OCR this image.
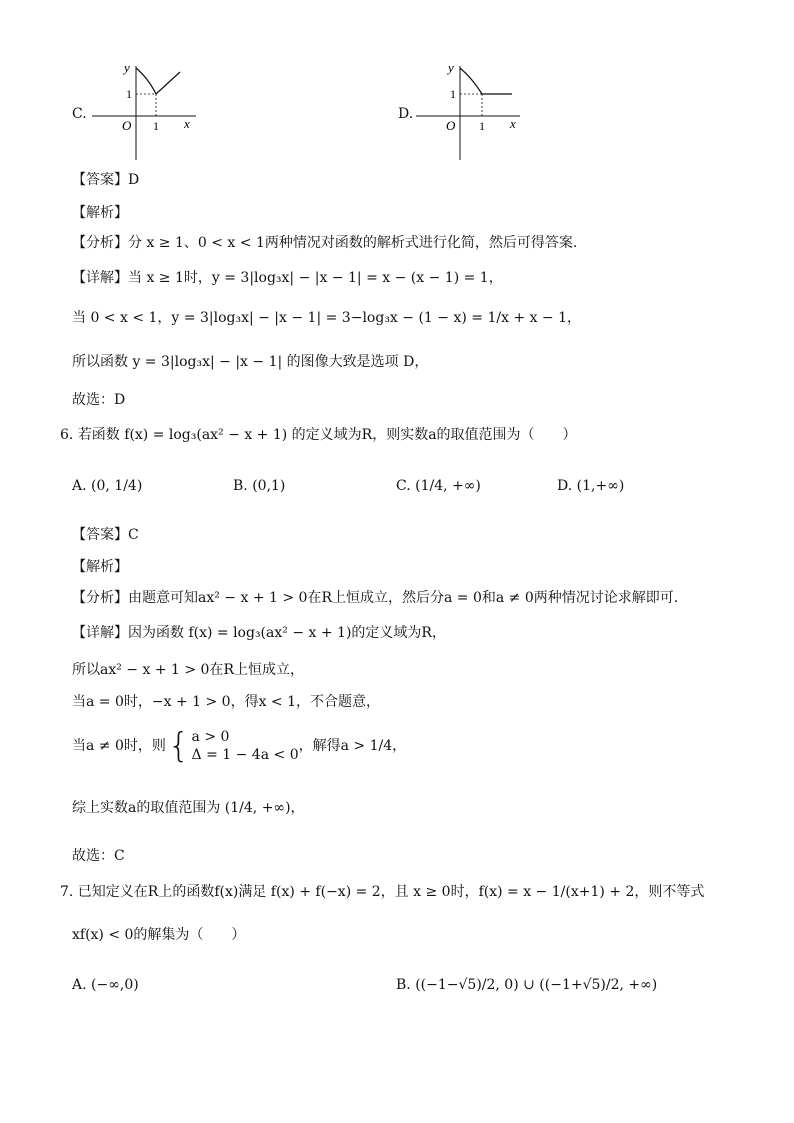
C.
y
x
O 1
1
D.
y
x
O 1
1
【答案】D
【解析】
【分析】分 x ≥ 1、0 < x < 1两种情况对函数的解析式进行化简，然后可得答案.
【详解】当 x ≥ 1时，y = 3|log₃x| − |x − 1| = x − (x − 1) = 1，
当 0 < x < 1，y = 3|log₃x| − |x − 1| = 3−log₃x − (1 − x) = 1/x + x − 1，
所以函数 y = 3|log₃x| − |x − 1| 的图像大致是选项 D，
故选：D
6. 若函数 f(x) = log₃(ax² − x + 1) 的定义域为R，则实数a的取值范围为（　　）
A. (0, 1/4)	B. (0,1)	C. (1/4, +∞)	D. (1,+∞)
【答案】C
【解析】
【分析】由题意可知ax² − x + 1 > 0在R上恒成立，然后分a = 0和a ≠ 0两种情况讨论求解即可.
【详解】因为函数 f(x) = log₃(ax² − x + 1)的定义域为R，
所以ax² − x + 1 > 0在R上恒成立，
当a = 0时，−x + 1 > 0，得x < 1，不合题意，
当a ≠ 0时，则 { a > 0
Δ = 1 − 4a < 0
，解得a > 1/4，
综上实数a的取值范围为 (1/4, +∞)，
故选：C
7. 已知定义在R上的函数f(x)满足 f(x) + f(−x) = 2，且 x ≥ 0时，f(x) = x − 1/(x+1) + 2，则不等式
xf(x) < 0的解集为（　　）
A. (−∞,0)	B. ((−1−√5)/2, 0) ∪ ((−1+√5)/2, +∞)
